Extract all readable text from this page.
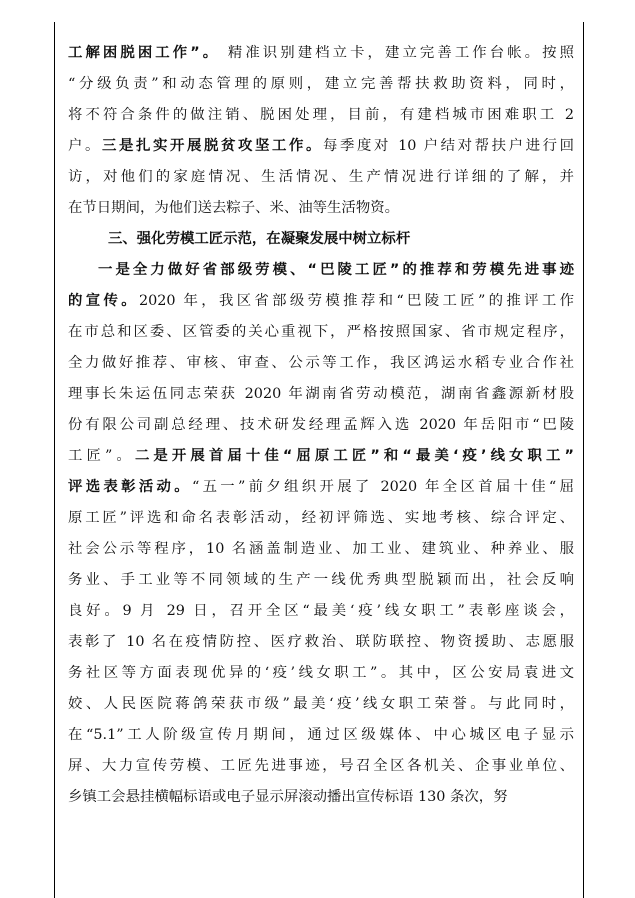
工解困脱困工作”。 精准识别建档立卡，建立完善工作台帐。按照
“分级负责”和动态管理的原则，建立完善帮扶救助资料，同时，
将不符合条件的做注销、脱困处理，目前，有建档城市困难职工 2
户。三是扎实开展脱贫攻坚工作。每季度对 10 户结对帮扶户进行回
访，对他们的家庭情况、生活情况、生产情况进行详细的了解，并
在节日期间，为他们送去粽子、米、油等生活物资。
三、强化劳模工匠示范，在凝聚发展中树立标杆
一是全力做好省部级劳模、“巴陵工匠”的推荐和劳模先进事迹
的宣传。2020 年，我区省部级劳模推荐和“巴陵工匠”的推评工作
在市总和区委、区管委的关心重视下，严格按照国家、省市规定程序，
全力做好推荐、审核、审查、公示等工作，我区鸿运水稻专业合作社
理事长朱运伍同志荣获 2020 年湖南省劳动模范，湖南省鑫源新材股
份有限公司副总经理、技术研发经理孟辉入选 2020 年岳阳市“巴陵
工匠”。二是开展首届十佳“屈原工匠”和“最美‘疫’线女职工”
评选表彰活动。“五一”前夕组织开展了 2020 年全区首届十佳“屈
原工匠”评选和命名表彰活动，经初评筛选、实地考核、综合评定、
社会公示等程序，10 名涵盖制造业、加工业、建筑业、种养业、服
务业、手工业等不同领域的生产一线优秀典型脱颖而出，社会反响
良好。9 月 29 日，召开全区“最美‘疫’线女职工”表彰座谈会，
表彰了 10 名在疫情防控、医疗救治、联防联控、物资援助、志愿服
务社区等方面表现优异的‘疫’线女职工”。其中，区公安局袁进文
姣、人民医院蒋鸽荣获市级”最美‘疫’线女职工荣誉。与此同时，
在“5.1”工人阶级宣传月期间，通过区级媒体、中心城区电子显示
屏、大力宣传劳模、工匠先进事迹，号召全区各机关、企事业单位、
乡镇工会悬挂横幅标语或电子显示屏滚动播出宣传标语 130 条次，努
